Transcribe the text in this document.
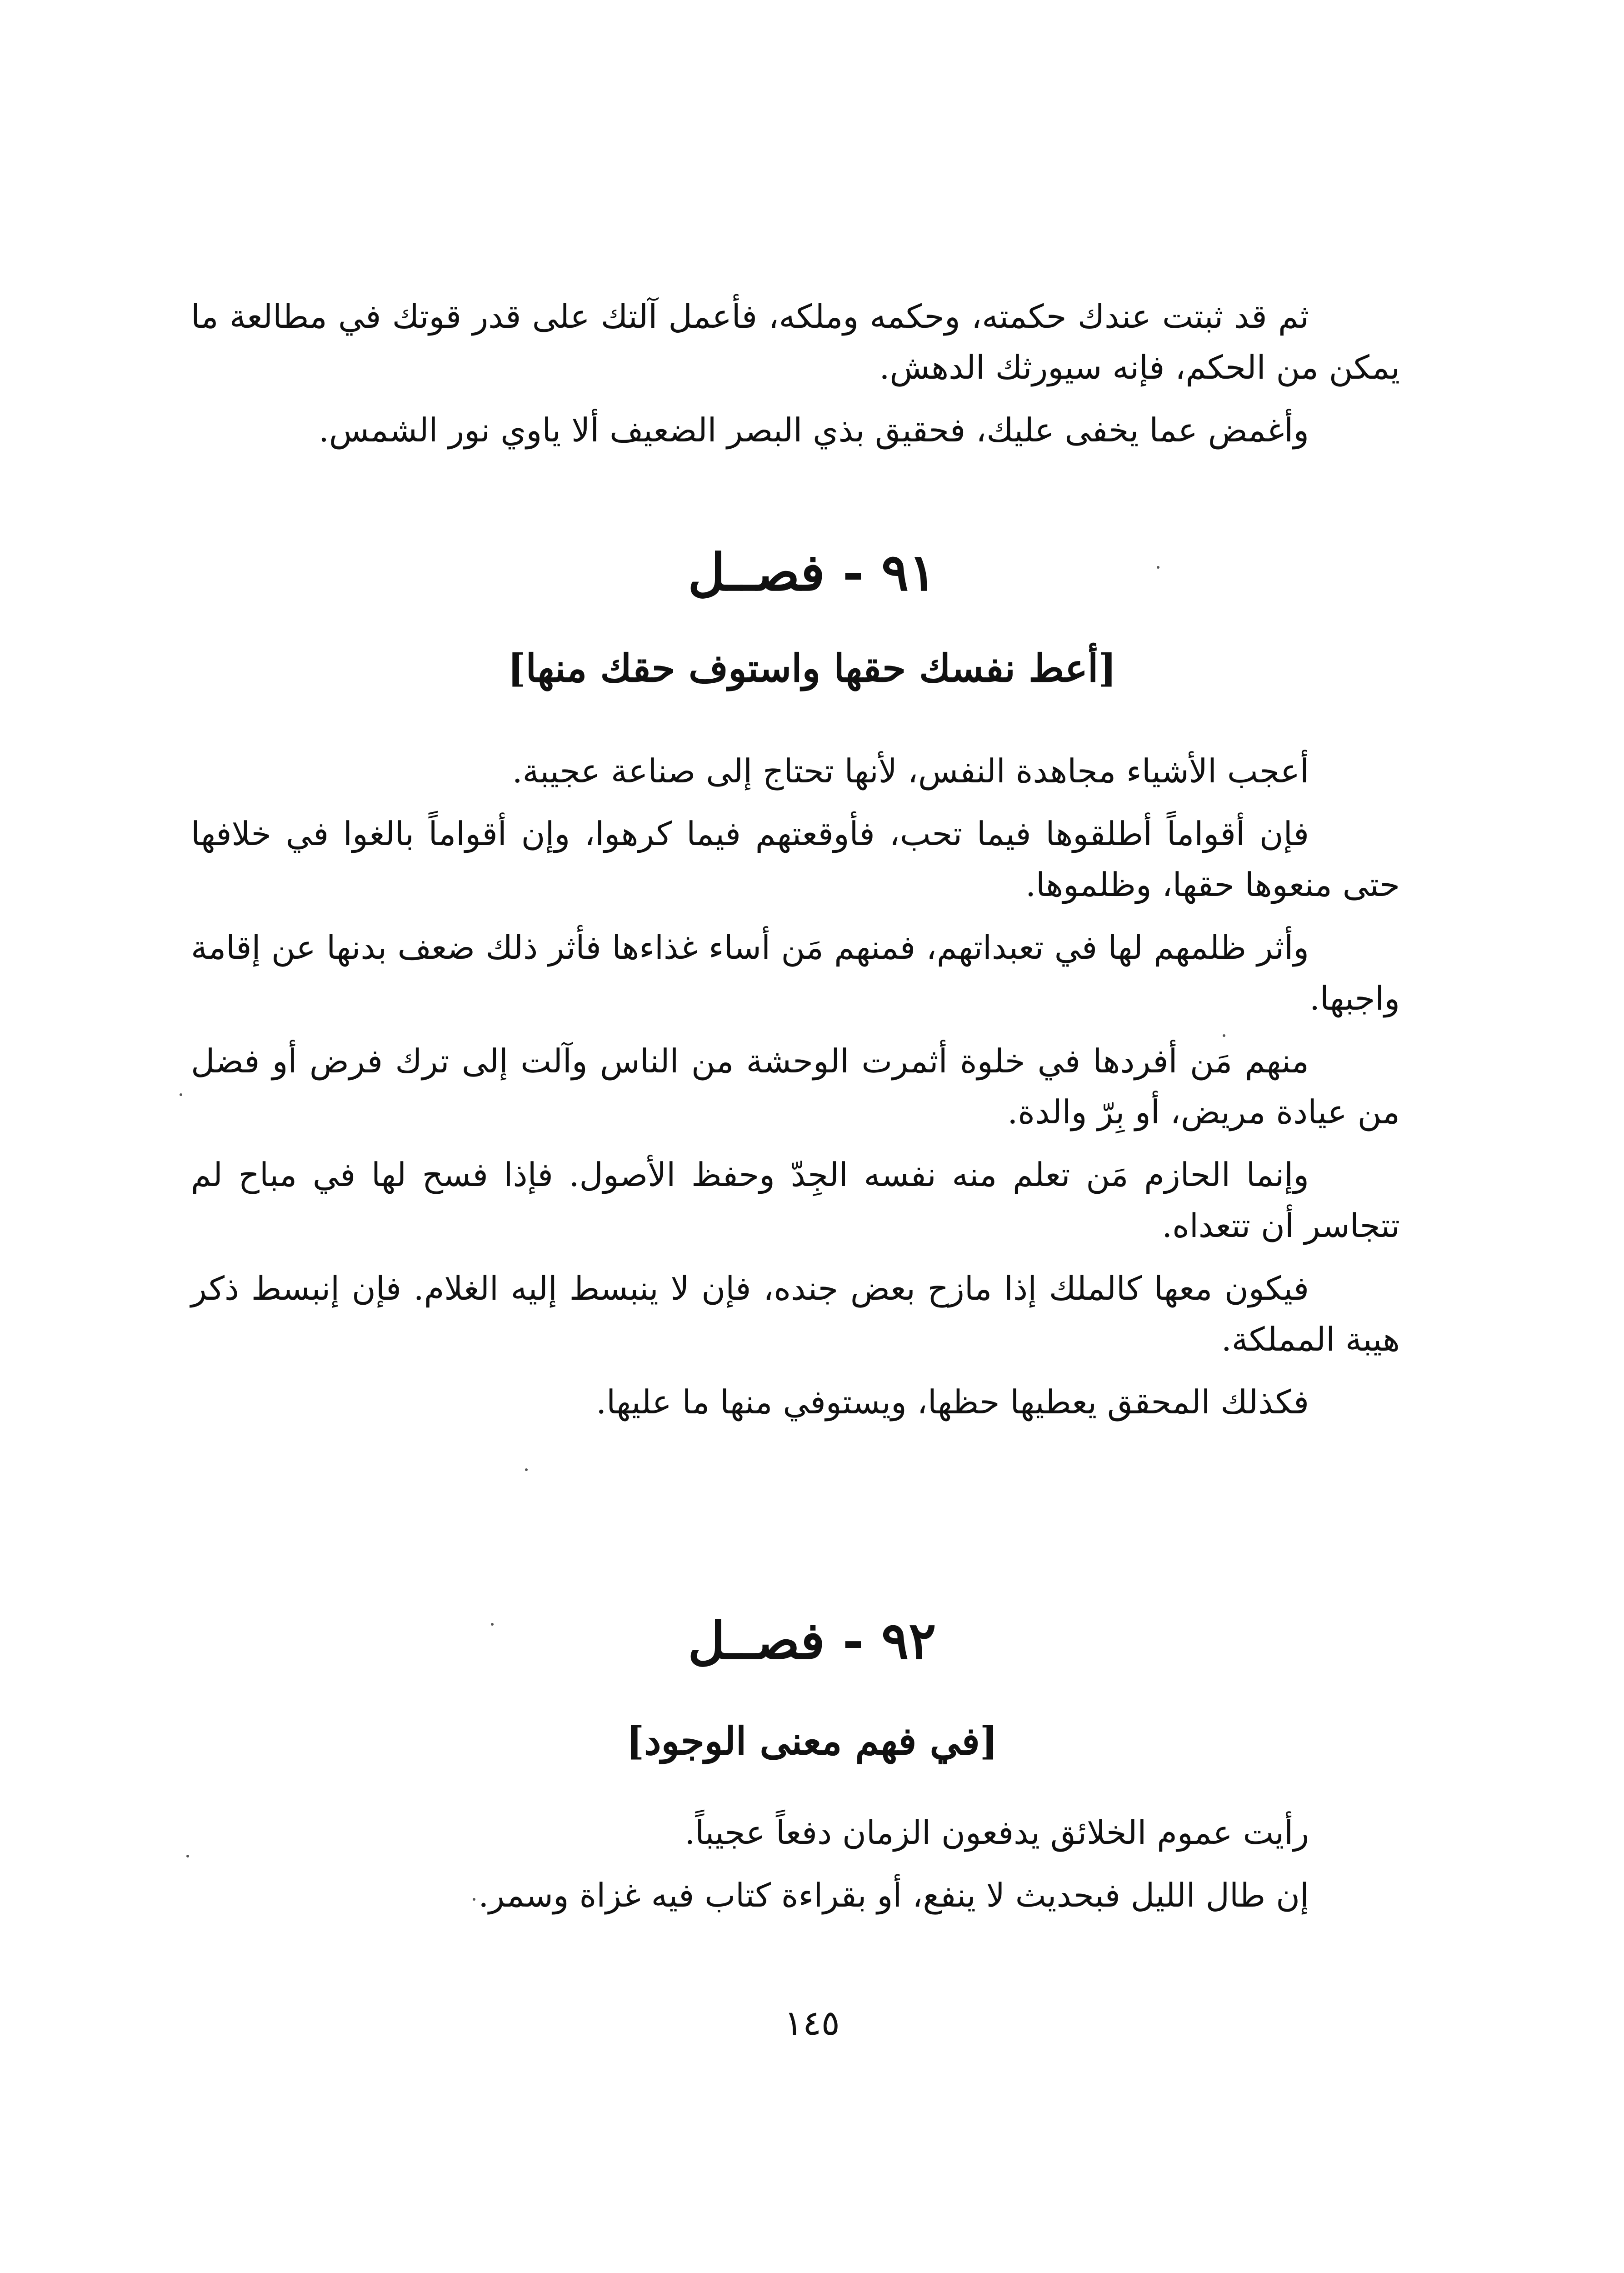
ثم قد ثبتت عندك حكمته، وحكمه وملكه، فأعمل آلتك على قدر قوتك في مطالعة ما يمكن من الحكم، فإنه سيورثك الدهش.

وأغمض عما يخفى عليك، فحقيق بذي البصر الضعيف ألا ياوي نور الشمس.

٩١ - فصــل
[أعط نفسك حقها واستوف حقك منها]

أعجب الأشياء مجاهدة النفس، لأنها تحتاج إلى صناعة عجيبة.

فإن أقواماً أطلقوها فيما تحب، فأوقعتهم فيما كرهوا، وإن أقواماً بالغوا في خلافها حتى منعوها حقها، وظلموها.

وأثر ظلمهم لها في تعبداتهم، فمنهم مَن أساء غذاءها فأثر ذلك ضعف بدنها عن إقامة واجبها.

منهم مَن أفردها في خلوة أثمرت الوحشة من الناس وآلت إلى ترك فرض أو فضل من عيادة مريض، أو بِرّ والدة.

وإنما الحازم مَن تعلم منه نفسه الجِدّ وحفظ الأصول. فإذا فسح لها في مباح لم تتجاسر أن تتعداه.

فيكون معها كالملك إذا مازح بعض جنده، فإن لا ينبسط إليه الغلام. فإن إنبسط ذكر هيبة المملكة.

فكذلك المحقق يعطيها حظها، ويستوفي منها ما عليها.

٩٢ - فصــل
[في فهم معنى الوجود]

رأيت عموم الخلائق يدفعون الزمان دفعاً عجيباً.

إن طال الليل فبحديث لا ينفع، أو بقراءة كتاب فيه غزاة وسمر.

١٤٥
